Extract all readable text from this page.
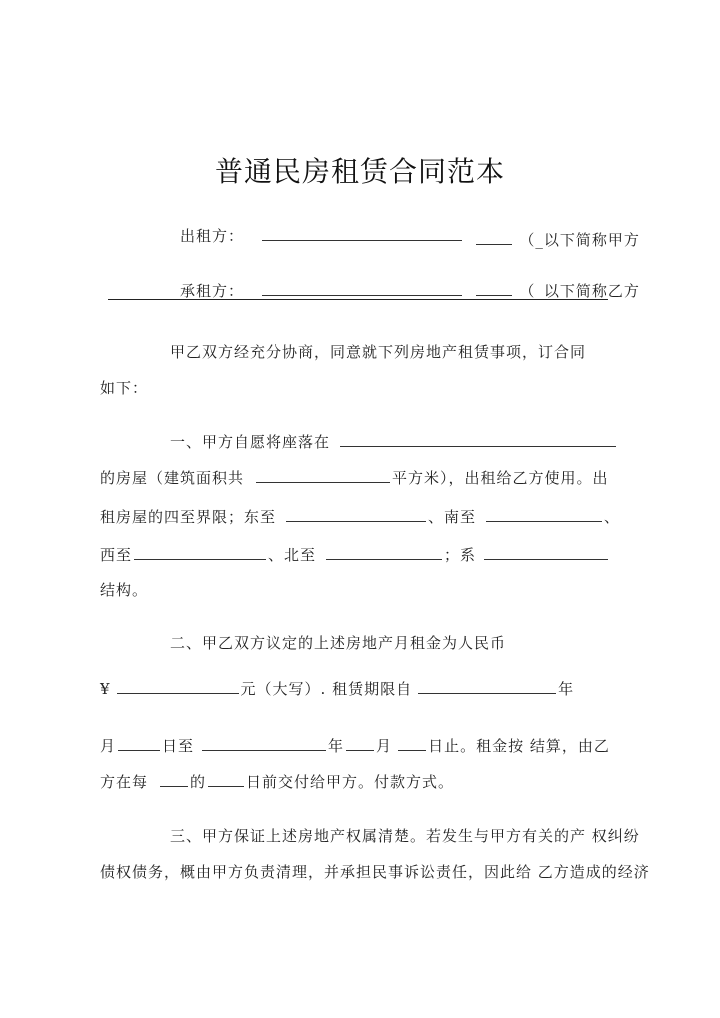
普通民房租赁合同范本
出租方：	（_以下简称甲方
承租方：	（_以下简称乙方
甲乙双方经充分协商，同意就下列房地产租赁事项，订合同
如下：
一、甲方自愿将座落在
的房屋（建筑面积共	平方米），出租给乙方使用。出
租房屋的四至界限；东至	、南至	、
西至	、北至	；系
结构。
二、甲乙双方议定的上述房地产月租金为人民币
¥	元（大写）. 租赁期限自	年
月	日至	年 月 日止。租金按 结算，由乙
方在每	的	日前交付给甲方。付款方式。
三、甲方保证上述房地产权属清楚。若发生与甲方有关的产 权纠纷
债权债务，概由甲方负责清理，并承担民事诉讼责任，因此给 乙方造成的经济
